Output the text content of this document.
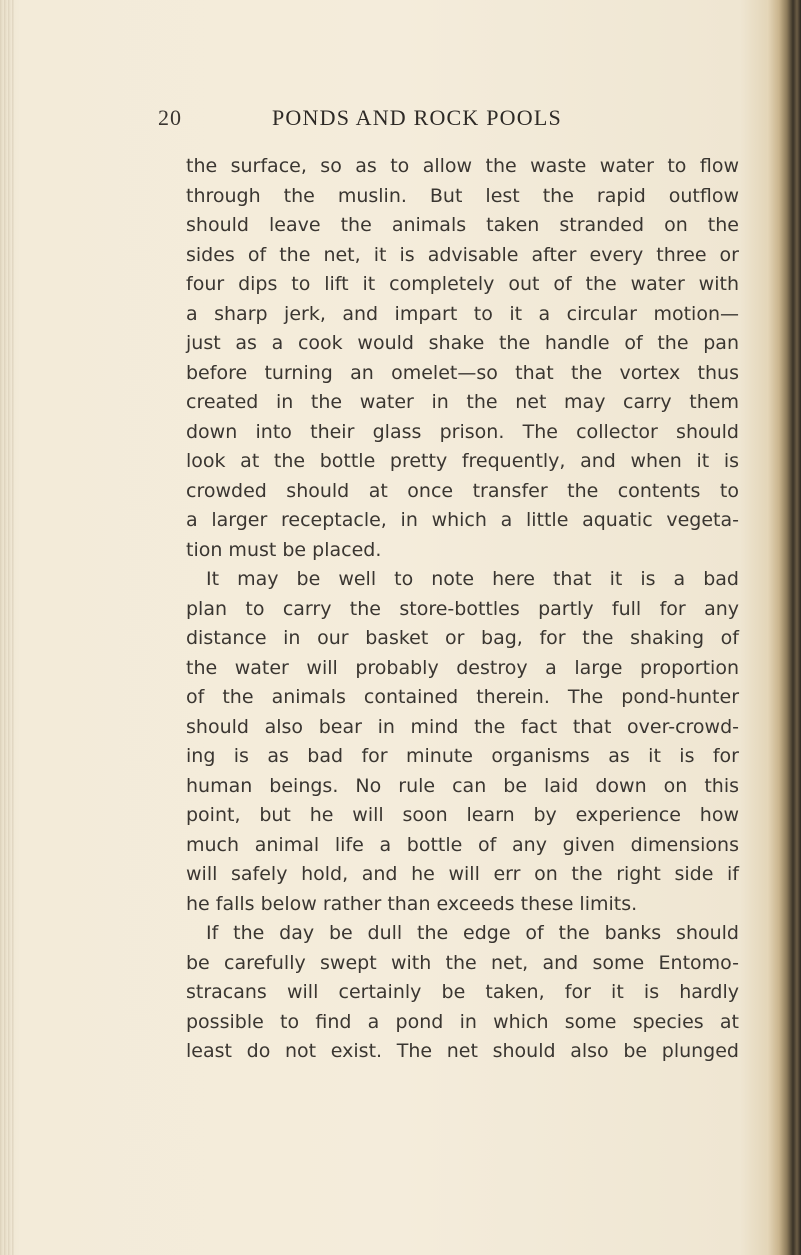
20	PONDS AND ROCK POOLS
the surface, so as to allow the waste water to flow
through the muslin. But lest the rapid outflow
should leave the animals taken stranded on the
sides of the net, it is advisable after every three or
four dips to lift it completely out of the water with
a sharp jerk, and impart to it a circular motion—
just as a cook would shake the handle of the pan
before turning an omelet—so that the vortex thus
created in the water in the net may carry them
down into their glass prison. The collector should
look at the bottle pretty frequently, and when it is
crowded should at once transfer the contents to
a larger receptacle, in which a little aquatic vegeta-
tion must be placed.
It may be well to note here that it is a bad
plan to carry the store-bottles partly full for any
distance in our basket or bag, for the shaking of
the water will probably destroy a large proportion
of the animals contained therein. The pond-hunter
should also bear in mind the fact that over-crowd-
ing is as bad for minute organisms as it is for
human beings. No rule can be laid down on this
point, but he will soon learn by experience how
much animal life a bottle of any given dimensions
will safely hold, and he will err on the right side if
he falls below rather than exceeds these limits.
If the day be dull the edge of the banks should
be carefully swept with the net, and some Entomo-
stracans will certainly be taken, for it is hardly
possible to find a pond in which some species at
least do not exist. The net should also be plunged
